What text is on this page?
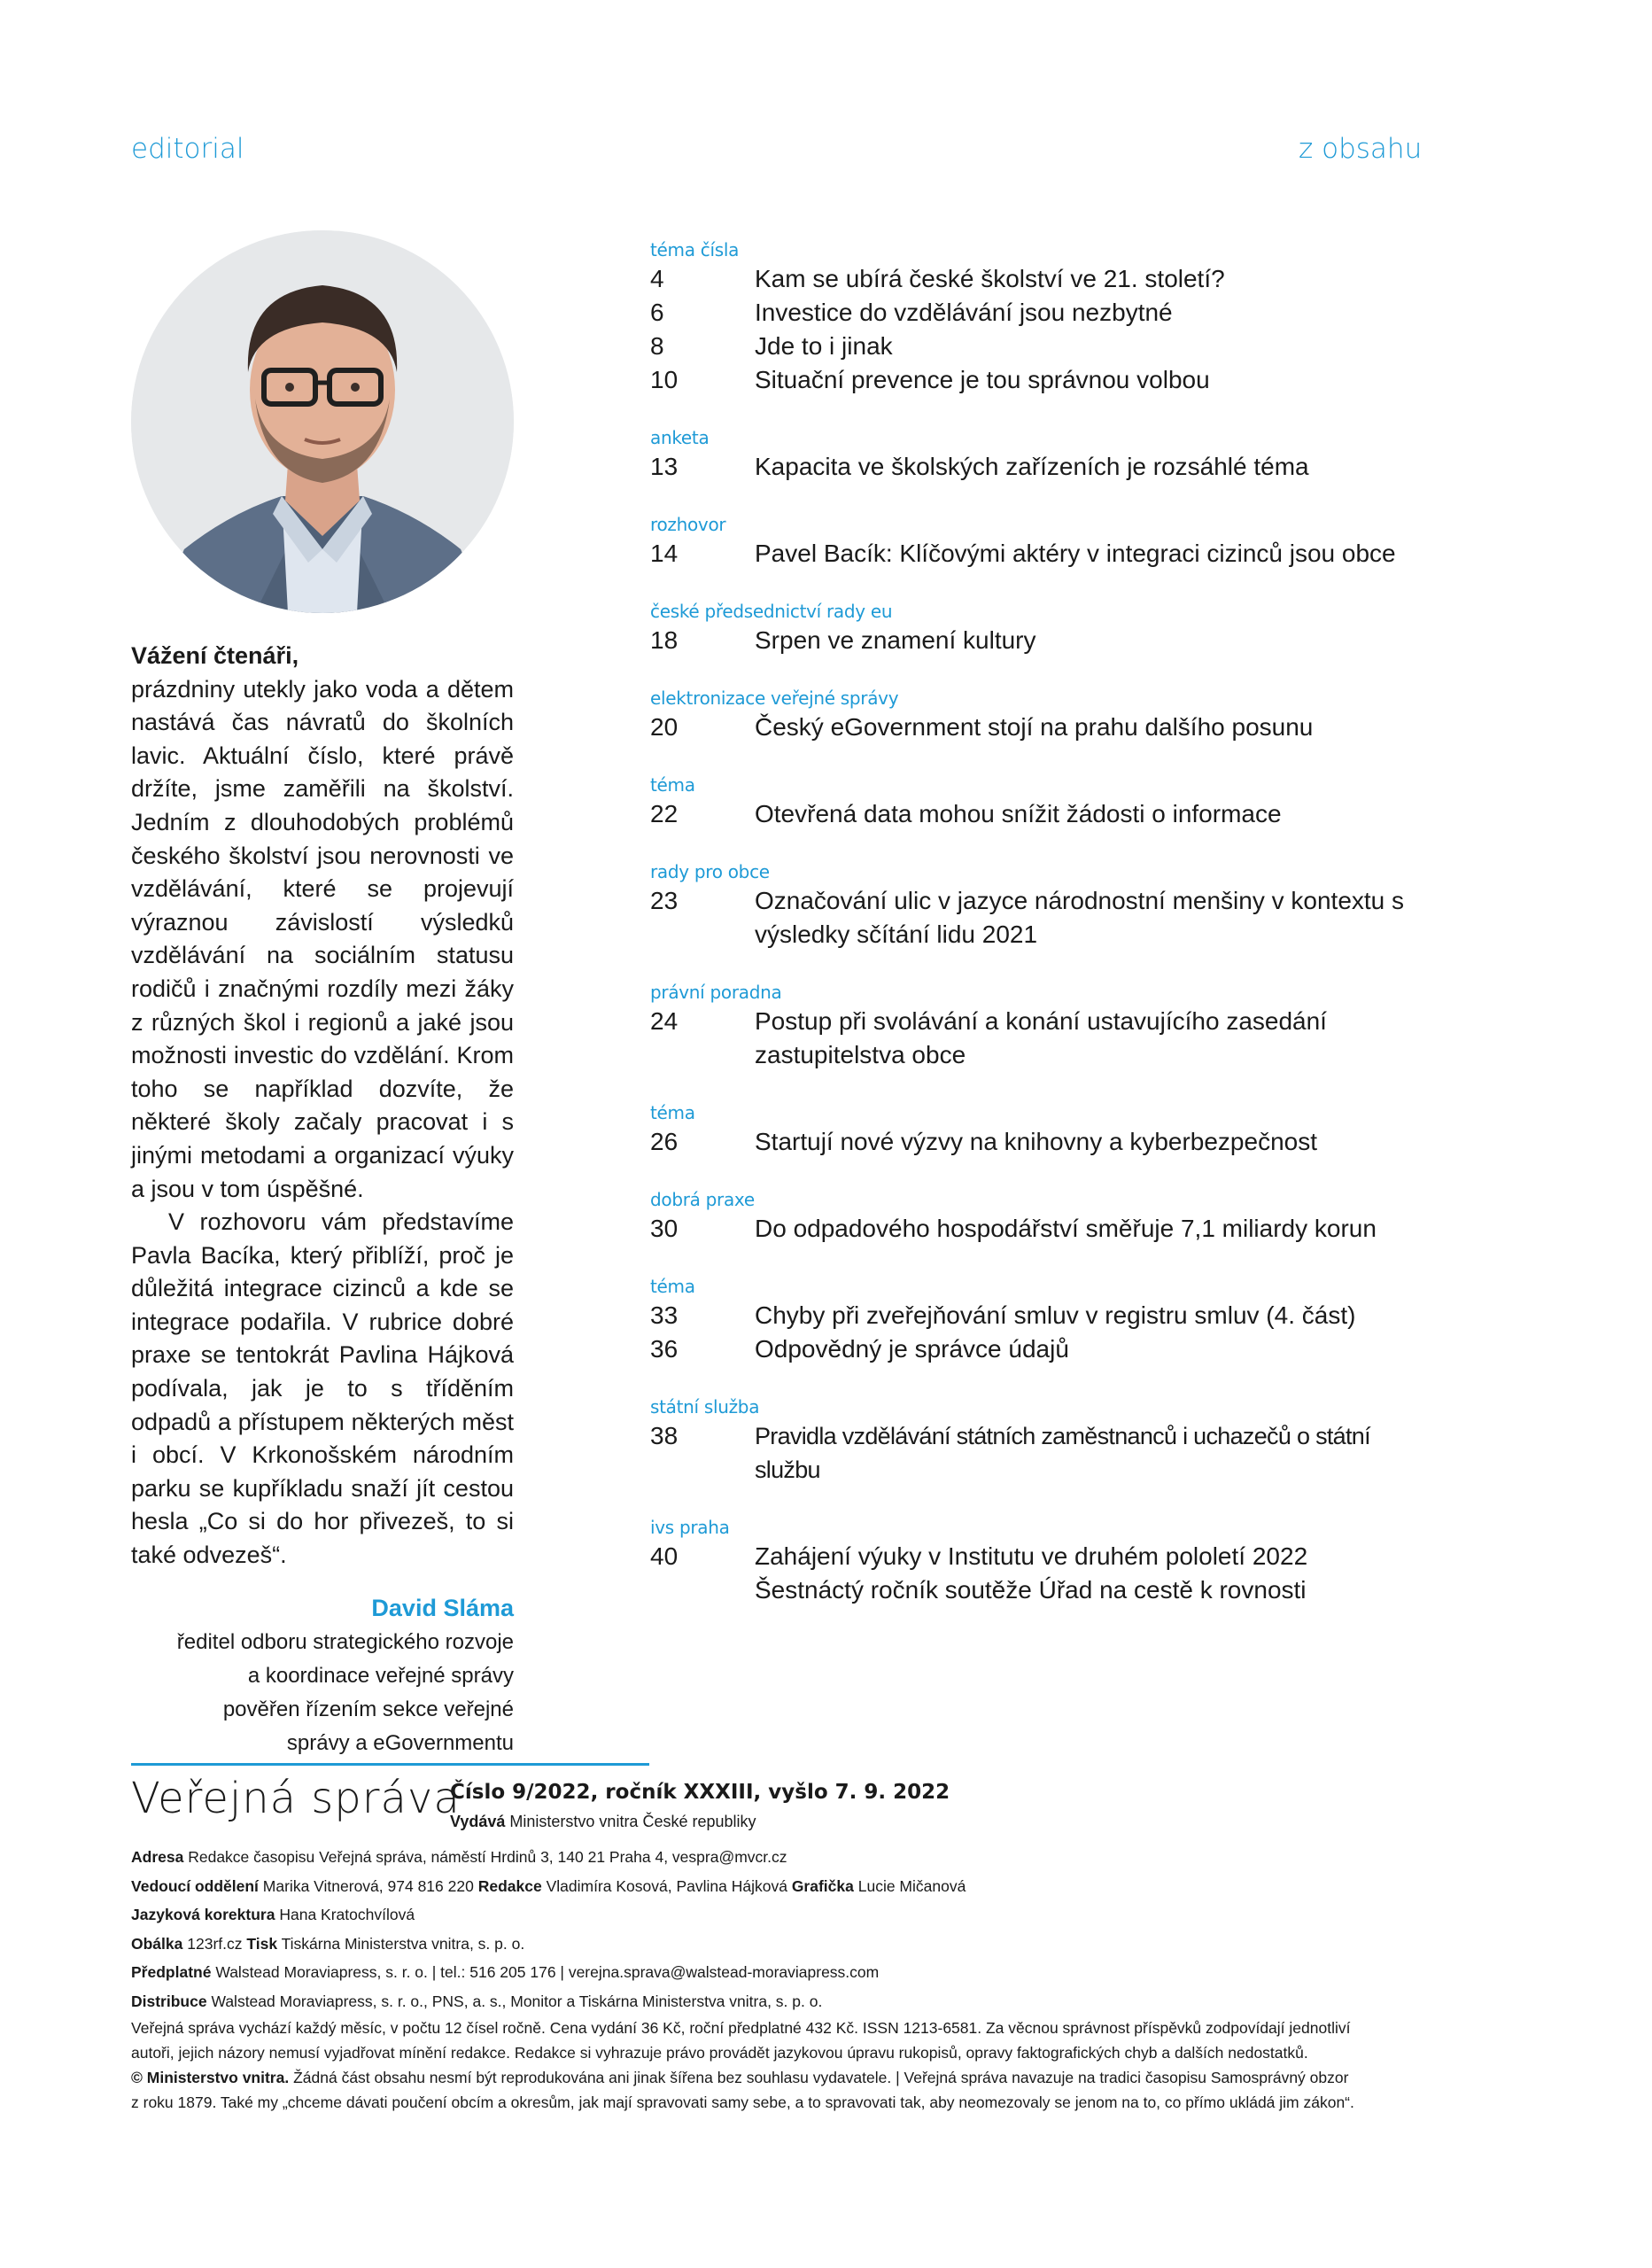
editorial	z obsahu

Vážení čtenáři,

prázdniny utekly jako voda a dětem nastává čas návratů do školních lavic. Aktuální číslo, které právě držíte, jsme zaměřili na školství. Jedním z dlouhodobých problémů českého školství jsou nerovnosti ve vzdělávání, které se projevují výraznou závislostí výsledků vzdělávání na sociálním statusu rodičů i značnými rozdíly mezi žáky z různých škol i regionů a jaké jsou možnosti investic do vzdělání. Krom toho se například dozvíte, že některé školy začaly pracovat i s jinými metodami a organizací výuky a jsou v tom úspěšné.

V rozhovoru vám představíme Pavla Bacíka, který přiblíží, proč je důležitá integrace cizinců a kde se integrace podařila. V rubrice dobré praxe se tentokrát Pavlina Hájková podívala, jak je to s tříděním odpadů a přístupem některých měst i obcí. V Krkonošském národním parku se kupříkladu snaží jít cestou hesla „Co si do hor přivezeš, to si také odvezeš“.

David Sláma
ředitel odboru strategického rozvoje
a koordinace veřejné správy
pověřen řízením sekce veřejné
správy a eGovernmentu
téma čísla
4	Kam se ubírá české školství ve 21. století?
6	Investice do vzdělávání jsou nezbytné
8	Jde to i jinak
10	Situační prevence je tou správnou volbou
anketa
13	Kapacita ve školských zařízeních je rozsáhlé téma
rozhovor
14	Pavel Bacík: Klíčovými aktéry v integraci cizinců jsou obce
české předsednictví rady eu
18	Srpen ve znamení kultury
elektronizace veřejné správy
20	Český eGovernment stojí na prahu dalšího posunu
téma
22	Otevřená data mohou snížit žádosti o informace
rady pro obce
23	Označování ulic v jazyce národnostní menšiny v kontextu s výsledky sčítání lidu 2021
právní poradna
24	Postup při svolávání a konání ustavujícího zasedání zastupitelstva obce
téma
26	Startují nové výzvy na knihovny a kyberbezpečnost
dobrá praxe
30	Do odpadového hospodářství směřuje 7,1 miliardy korun
téma
33	Chyby při zveřejňování smluv v registru smluv (4. část)
36	Odpovědný je správce údajů
státní služba
38	Pravidla vzdělávání státních zaměstnanců i uchazečů o státní službu
ivs praha
40	Zahájení výuky v Institutu ve druhém pololetí 2022
Šestnáctý ročník soutěže Úřad na cestě k rovnosti
Veřejná správa
Číslo 9/2022, ročník XXXIII, vyšlo 7. 9. 2022
Vydává Ministerstvo vnitra České republiky
Adresa Redakce časopisu Veřejná správa, náměstí Hrdinů 3, 140 21 Praha 4, vespra@mvcr.cz
Vedoucí oddělení Marika Vitnerová, 974 816 220 Redakce Vladimíra Kosová, Pavlina Hájková Grafička Lucie Mičanová
Jazyková korektura Hana Kratochvílová
Obálka 123rf.cz Tisk Tiskárna Ministerstva vnitra, s. p. o.
Předplatné Walstead Moraviapress, s. r. o. | tel.: 516 205 176 | verejna.sprava@walstead-moraviapress.com
Distribuce Walstead Moraviapress, s. r. o., PNS, a. s., Monitor a Tiskárna Ministerstva vnitra, s. p. o.
Veřejná správa vychází každý měsíc, v počtu 12 čísel ročně. Cena vydání 36 Kč, roční předplatné 432 Kč. ISSN 1213-6581. Za věcnou správnost příspěvků zodpovídají jednotliví
autoři, jejich názory nemusí vyjadřovat mínění redakce. Redakce si vyhrazuje právo provádět jazykovou úpravu rukopisů, opravy faktografických chyb a dalších nedostatků.
© Ministerstvo vnitra. Žádná část obsahu nesmí být reprodukována ani jinak šířena bez souhlasu vydavatele. | Veřejná správa navazuje na tradici časopisu Samosprávný obzor
z roku 1879. Také my „chceme dávati poučení obcím a okresům, jak mají spravovati samy sebe, a to spravovati tak, aby neomezovaly se jenom na to, co přímo ukládá jim zákon“.
